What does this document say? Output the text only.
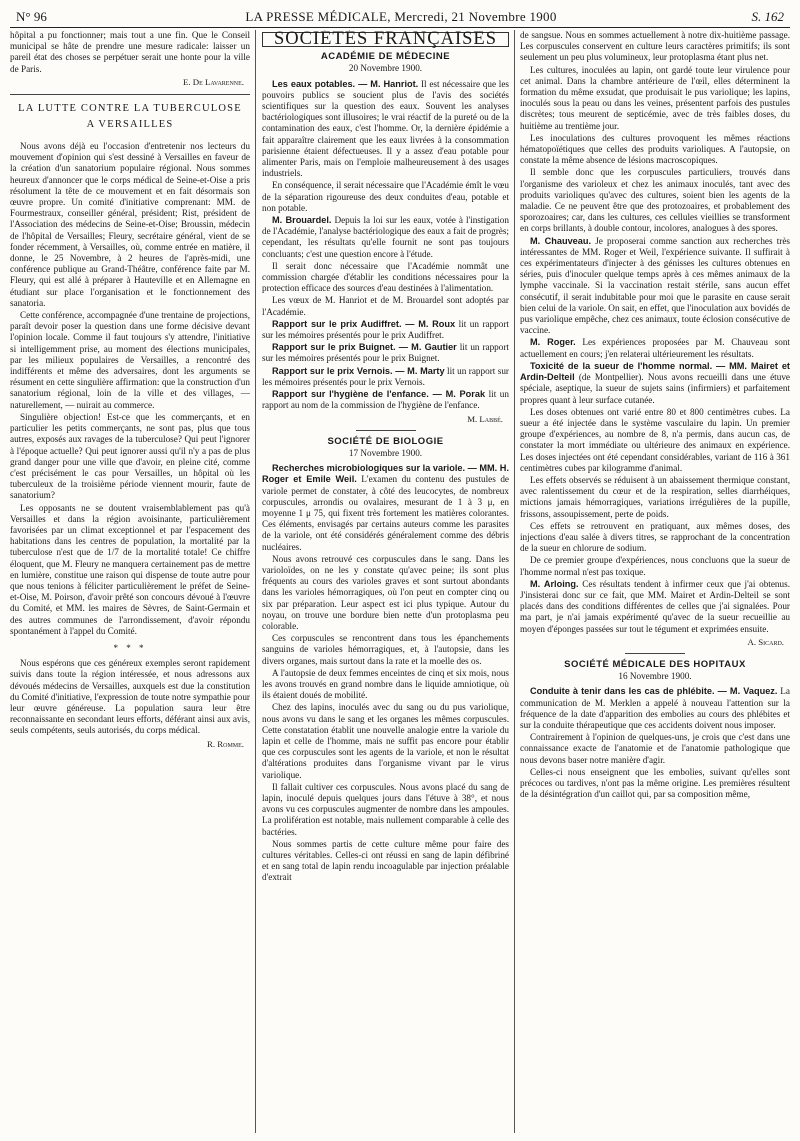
N° 96	LA PRESSE MÉDICALE, Mercredi, 21 Novembre 1900	S. 162

hôpital a pu fonctionner; mais tout a une fin. Que le Conseil municipal se hâte de prendre une mesure radicale: laisser un pareil état des choses se perpétuer serait une honte pour la ville de Paris.

E. De Lavarenne.

LA LUTTE CONTRE LA TUBERCULOSE
A VERSAILLES

Nous avons déjà eu l'occasion d'entretenir nos lecteurs du mouvement d'opinion qui s'est dessiné à Versailles en faveur de la création d'un sanatorium populaire régional. Nous sommes heureux d'annoncer que le corps médical de Seine-et-Oise a pris résolument la tête de ce mouvement et en fait désormais son œuvre propre. Un comité d'initiative comprenant: MM. de Fourmestraux, conseiller général, président; Rist, président de l'Association des médecins de Seine-et-Oise; Broussin, médecin de l'hôpital de Versailles; Fleury, secrétaire général, vient de se fonder récemment, à Versailles, où, comme entrée en matière, il donne, le 25 Novembre, à 2 heures de l'après-midi, une conférence publique au Grand-Théâtre, conférence faite par M. Fleury, qui est allé à préparer à Hauteville et en Allemagne en étudiant sur place l'organisation et le fonctionnement des sanatoria.

Cette conférence, accompagnée d'une trentaine de projections, paraît devoir poser la question dans une forme décisive devant l'opinion locale. Comme il faut toujours s'y attendre, l'initiative si intelligemment prise, au moment des élections municipales, par les milieux populaires de Versailles, a rencontré des indifférents et même des adversaires, dont les arguments se résument en cette singulière affirmation: que la construction d'un sanatorium régional, loin de la ville et des villages, — naturellement, — nuirait au commerce.

Singulière objection! Est-ce que les commerçants, et en particulier les petits commerçants, ne sont pas, plus que tous autres, exposés aux ravages de la tuberculose? Qui peut l'ignorer à l'époque actuelle? Qui peut ignorer aussi qu'il n'y a pas de plus grand danger pour une ville que d'avoir, en pleine cité, comme c'est précisément le cas pour Versailles, un hôpital où les tuberculeux de la troisième période viennent mourir, faute de sanatorium?

Les opposants ne se doutent vraisemblablement pas qu'à Versailles et dans la région avoisinante, particulièrement favorisées par un climat exceptionnel et par l'espacement des habitations dans les centres de population, la mortalité par la tuberculose n'est que de 1/7 de la mortalité totale! Ce chiffre éloquent, que M. Fleury ne manquera certainement pas de mettre en lumière, constitue une raison qui dispense de toute autre pour que nous tenions à féliciter particulièrement le préfet de Seine-et-Oise, M. Poirson, d'avoir prêté son concours dévoué à l'œuvre du Comité, et MM. les maires de Sèvres, de Saint-Germain et des autres communes de l'arrondissement, d'avoir répondu spontanément à l'appel du Comité.

* * *

Nous espérons que ces généreux exemples seront rapidement suivis dans toute la région intéressée, et nous adressons aux dévoués médecins de Versailles, auxquels est due la constitution du Comité d'initiative, l'expression de toute notre sympathie pour leur œuvre généreuse. La population saura leur être reconnaissante en secondant leurs efforts, déférant ainsi aux avis, seuls compétents, seuls autorisés, du corps médical.

R. Romme.

SOCIÉTÉS FRANÇAISES
ACADÉMIE DE MÉDECINE
20 Novembre 1900.

Les eaux potables. — M. Hanriot. Il est nécessaire que les pouvoirs publics se soucient plus de l'avis des sociétés scientifiques sur la question des eaux. Souvent les analyses bactériologiques sont illusoires; le vrai réactif de la pureté ou de la contamination des eaux, c'est l'homme. Or, la dernière épidémie a fait apparaître clairement que les eaux livrées à la consommation parisienne étaient défectueuses. Il y a assez d'eau potable pour alimenter Paris, mais on l'emploie malheureusement à des usages industriels.

En conséquence, il serait nécessaire que l'Académie émît le vœu de la séparation rigoureuse des deux conduites d'eau, potable et non potable.

M. Brouardel. Depuis la loi sur les eaux, votée à l'instigation de l'Académie, l'analyse bactériologique des eaux a fait de progrès; cependant, les résultats qu'elle fournit ne sont pas toujours concluants; c'est une question encore à l'étude.

Il serait donc nécessaire que l'Académie nommât une commission chargée d'établir les conditions nécessaires pour la protection efficace des sources d'eau destinées à l'alimentation.

Les vœux de M. Hanriot et de M. Brouardel sont adoptés par l'Académie.

Rapport sur le prix Audiffret. — M. Roux lit un rapport sur les mémoires présentés pour le prix Audiffret.

Rapport sur le prix Buignet. — M. Gautier lit un rapport sur les mémoires présentés pour le prix Buignet.

Rapport sur le prix Vernois. — M. Marty lit un rapport sur les mémoires présentés pour le prix Vernois.

Rapport sur l'hygiène de l'enfance. — M. Porak lit un rapport au nom de la commission de l'hygiène de l'enfance.

M. Labbé.

SOCIÉTÉ DE BIOLOGIE
17 Novembre 1900.

Recherches microbiologiques sur la variole. — MM. H. Roger et Emile Weil. L'examen du contenu des pustules de variole permet de constater, à côté des leucocytes, de nombreux corpuscules, arrondis ou ovalaires, mesurant de 1 à 3 μ, en moyenne 1 μ 75, qui fixent très fortement les matières colorantes. Ces éléments, envisagés par certains auteurs comme les parasites de la variole, ont été considérés généralement comme des débris nucléaires.

Nous avons retrouvé ces corpuscules dans le sang. Dans les varioloïdes, on ne les y constate qu'avec peine; ils sont plus fréquents au cours des varioles graves et sont surtout abondants dans les varioles hémorragiques, où l'on peut en compter cinq ou six par préparation. Leur aspect est ici plus typique. Autour du noyau, on trouve une bordure bien nette d'un protoplasma peu colorable.

Ces corpuscules se rencontrent dans tous les épanchements sanguins de varioles hémorragiques, et, à l'autopsie, dans les divers organes, mais surtout dans la rate et la moelle des os.

A l'autopsie de deux femmes enceintes de cinq et six mois, nous les avons trouvés en grand nombre dans le liquide amniotique, où ils étaient doués de mobilité.

Chez des lapins, inoculés avec du sang ou du pus variolique, nous avons vu dans le sang et les organes les mêmes corpuscules. Cette constatation établit une nouvelle analogie entre la variole du lapin et celle de l'homme, mais ne suffit pas encore pour établir que ces corpuscules sont les agents de la variole, et non le résultat d'altérations produites dans l'organisme vivant par le virus variolique.

Il fallait cultiver ces corpuscules. Nous avons placé du sang de lapin, inoculé depuis quelques jours dans l'étuve à 38°, et nous avons vu ces corpuscules augmenter de nombre dans les ampoules. La prolifération est notable, mais nullement comparable à celle des bactéries.

Nous sommes partis de cette culture même pour faire des cultures véritables. Celles-ci ont réussi en sang de lapin défibriné et en sang total de lapin rendu incoagulable par injection préalable d'extrait

de sangsue. Nous en sommes actuellement à notre dix-huitième passage. Les corpuscules conservent en culture leurs caractères primitifs; ils sont seulement un peu plus volumineux, leur protoplasma étant plus net.

Les cultures, inoculées au lapin, ont gardé toute leur virulence pour cet animal. Dans la chambre antérieure de l'œil, elles déterminent la formation du même exsudat, que produisait le pus variolique; les lapins, inoculés sous la peau ou dans les veines, présentent parfois des pustules discrètes; tous meurent de septicémie, avec de très faibles doses, du huitième au trentième jour.

Les inoculations des cultures provoquent les mêmes réactions hématopoïétiques que celles des produits varioliques. A l'autopsie, on constate la même absence de lésions macroscopiques.

Il semble donc que les corpuscules particuliers, trouvés dans l'organisme des varioleux et chez les animaux inoculés, tant avec des produits varioliques qu'avec des cultures, soient bien les agents de la maladie. Ce ne peuvent être que des protozoaires, et probablement des sporozoaires; car, dans les cultures, ces cellules vieillies se transforment en corps brillants, à double contour, incolores, analogues à des spores.

M. Chauveau. Je proposerai comme sanction aux recherches très intéressantes de MM. Roger et Weil, l'expérience suivante. Il suffirait à ces expérimentateurs d'injecter à des génisses les cultures obtenues en séries, puis d'inoculer quelque temps après à ces mêmes animaux de la lymphe vaccinale. Si la vaccination restait stérile, sans aucun effet consécutif, il serait indubitable pour moi que le parasite en cause serait bien celui de la variole. On sait, en effet, que l'inoculation aux bovidés de pus variolique empêche, chez ces animaux, toute éclosion consécutive de vaccine.

M. Roger. Les expériences proposées par M. Chauveau sont actuellement en cours; j'en relaterai ultérieurement les résultats.

Toxicité de la sueur de l'homme normal. — MM. Mairet et Ardin-Delteil (de Montpellier). Nous avons recueilli dans une étuve spéciale, aseptique, la sueur de sujets sains (infirmiers) et parfaitement propres quant à leur surface cutanée.

Les doses obtenues ont varié entre 80 et 800 centimètres cubes. La sueur a été injectée dans le système vasculaire du lapin. Un premier groupe d'expériences, au nombre de 8, n'a permis, dans aucun cas, de constater la mort immédiate ou ultérieure des animaux en expérience. Les doses injectées ont été cependant considérables, variant de 116 à 361 centimètres cubes par kilogramme d'animal.

Les effets observés se réduisent à un abaissement thermique constant, avec ralentissement du cœur et de la respiration, selles diarrhéiques, mictions jamais hémorragiques, variations irrégulières de la pupille, frissons, assoupissement, perte de poids.

Ces effets se retrouvent en pratiquant, aux mêmes doses, des injections d'eau salée à divers titres, se rapprochant de la concentration de la sueur en chlorure de sodium.

De ce premier groupe d'expériences, nous concluons que la sueur de l'homme normal n'est pas toxique.

M. Arloing. Ces résultats tendent à infirmer ceux que j'ai obtenus. J'insisterai donc sur ce fait, que MM. Mairet et Ardin-Delteil se sont placés dans des conditions différentes de celles que j'ai signalées. Pour ma part, je n'ai jamais expérimenté qu'avec de la sueur recueillie au moyen d'éponges passées sur tout le tégument et exprimées ensuite.

A. Sicard.

SOCIÉTÉ MÉDICALE DES HOPITAUX
16 Novembre 1900.

Conduite à tenir dans les cas de phlébite. — M. Vaquez. La communication de M. Merklen a appelé à nouveau l'attention sur la fréquence de la date d'apparition des embolies au cours des phlébites et sur la conduite thérapeutique que ces accidents doivent nous imposer.

Contrairement à l'opinion de quelques-uns, je crois que c'est dans une connaissance exacte de l'anatomie et de l'anatomie pathologique que nous devons baser notre manière d'agir.

Celles-ci nous enseignent que les embolies, suivant qu'elles sont précoces ou tardives, n'ont pas la même origine. Les premières résultent de la désintégration d'un caillot qui, par sa composition même,
